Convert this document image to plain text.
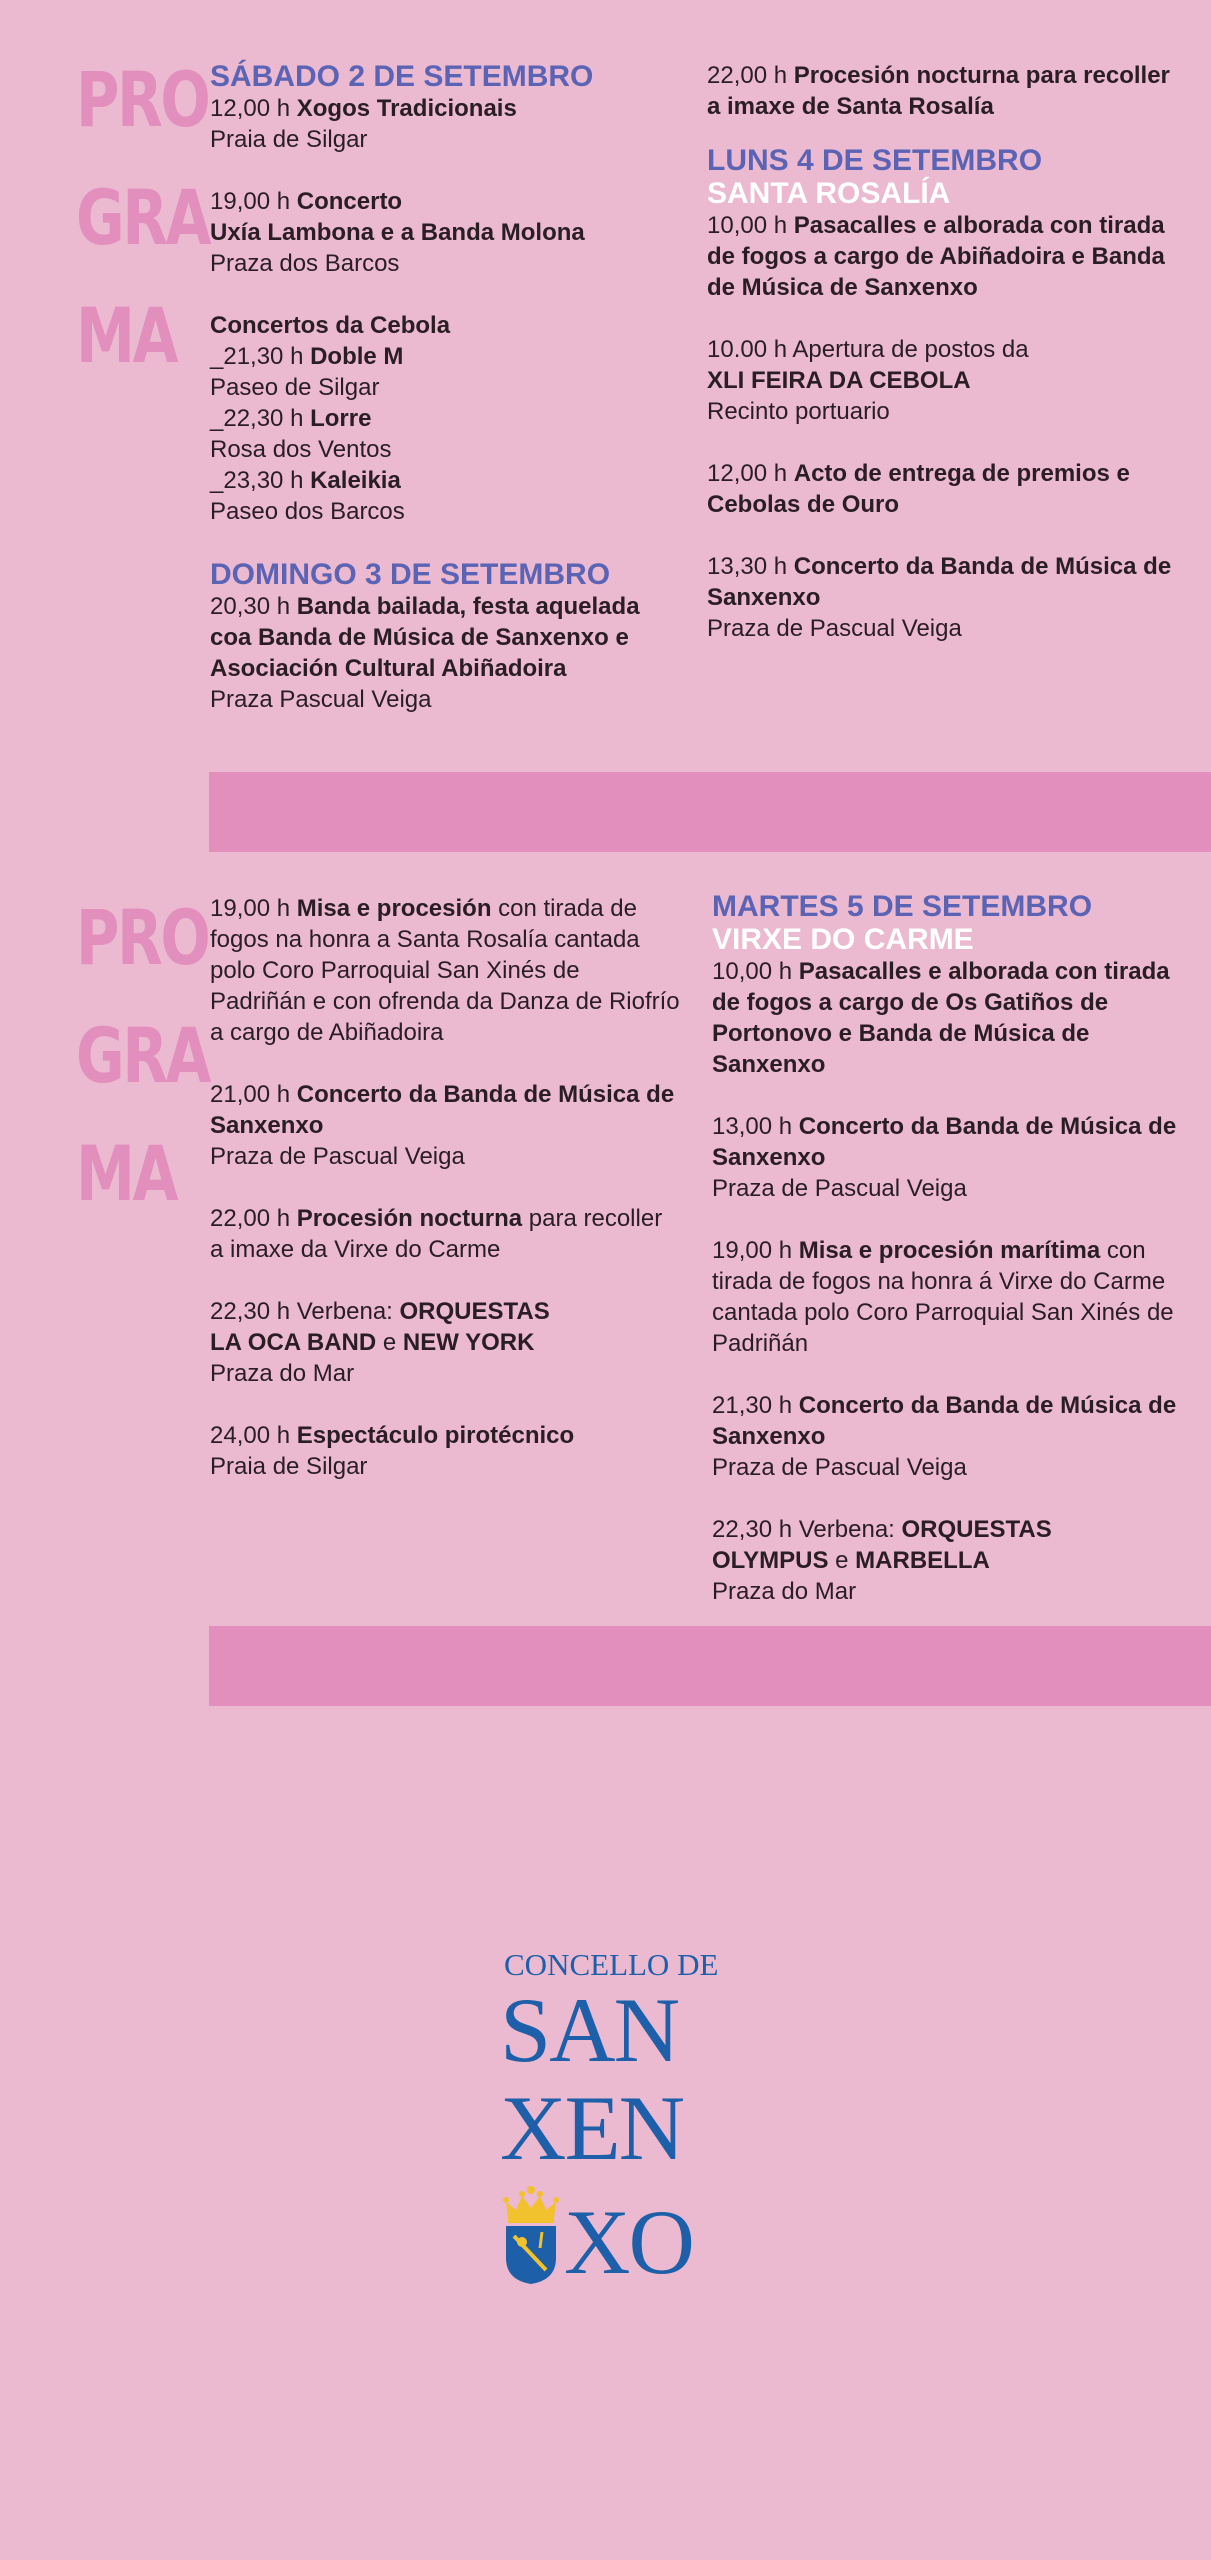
PRO
GRA
MA
SÁBADO 2 DE SETEMBRO

12,00 h Xogos Tradicionais

Praia de Silgar

19,00 h Concerto

Uxía Lambona e a Banda Molona

Praza dos Barcos

Concertos da Cebola

_21,30 h Doble M

Paseo de Silgar

_22,30 h Lorre

Rosa dos Ventos

_23,30 h Kaleikia

Paseo dos Barcos

DOMINGO 3 DE SETEMBRO

20,30 h Banda bailada, festa aquelada coa Banda de Música de Sanxenxo e Asociación Cultural Abiñadoira

Praza Pascual Veiga

22,00 h Procesión nocturna para recoller a imaxe de Santa Rosalía

LUNS 4 DE SETEMBRO
SANTA ROSALÍA

10,00 h Pasacalles e alborada con tirada de fogos a cargo de Abiñadoira e Banda de Música de Sanxenxo

10.00 h Apertura de postos da

XLI FEIRA DA CEBOLA

Recinto portuario

12,00 h Acto de entrega de premios e Cebolas de Ouro

13,30 h Concerto da Banda de Música de Sanxenxo

Praza de Pascual Veiga

PRO
GRA
MA

19,00 h Misa e procesión con tirada de fogos na honra a Santa Rosalía cantada polo Coro Parroquial San Xinés de Padriñán e con ofrenda da Danza de Riofrío a cargo de Abiñadoira

21,00 h Concerto da Banda de Música de Sanxenxo

Praza de Pascual Veiga

22,00 h Procesión nocturna para recoller a imaxe da Virxe do Carme

22,30 h Verbena: ORQUESTAS

LA OCA BAND e NEW YORK

Praza do Mar

24,00 h Espectáculo pirotécnico

Praia de Silgar

MARTES 5 DE SETEMBRO
VIRXE DO CARME

10,00 h Pasacalles e alborada con tirada de fogos a cargo de Os Gatiños de Portonovo e Banda de Música de Sanxenxo

13,00 h Concerto da Banda de Música de Sanxenxo

Praza de Pascual Veiga

19,00 h Misa e procesión marítima con tirada de fogos na honra á Virxe do Carme cantada polo Coro Parroquial San Xinés de Padriñán

21,30 h Concerto da Banda de Música de Sanxenxo

Praza de Pascual Veiga

22,30 h Verbena: ORQUESTAS

OLYMPUS e MARBELLA

Praza do Mar

CONCELLO DE
SAN
XEN
XO
